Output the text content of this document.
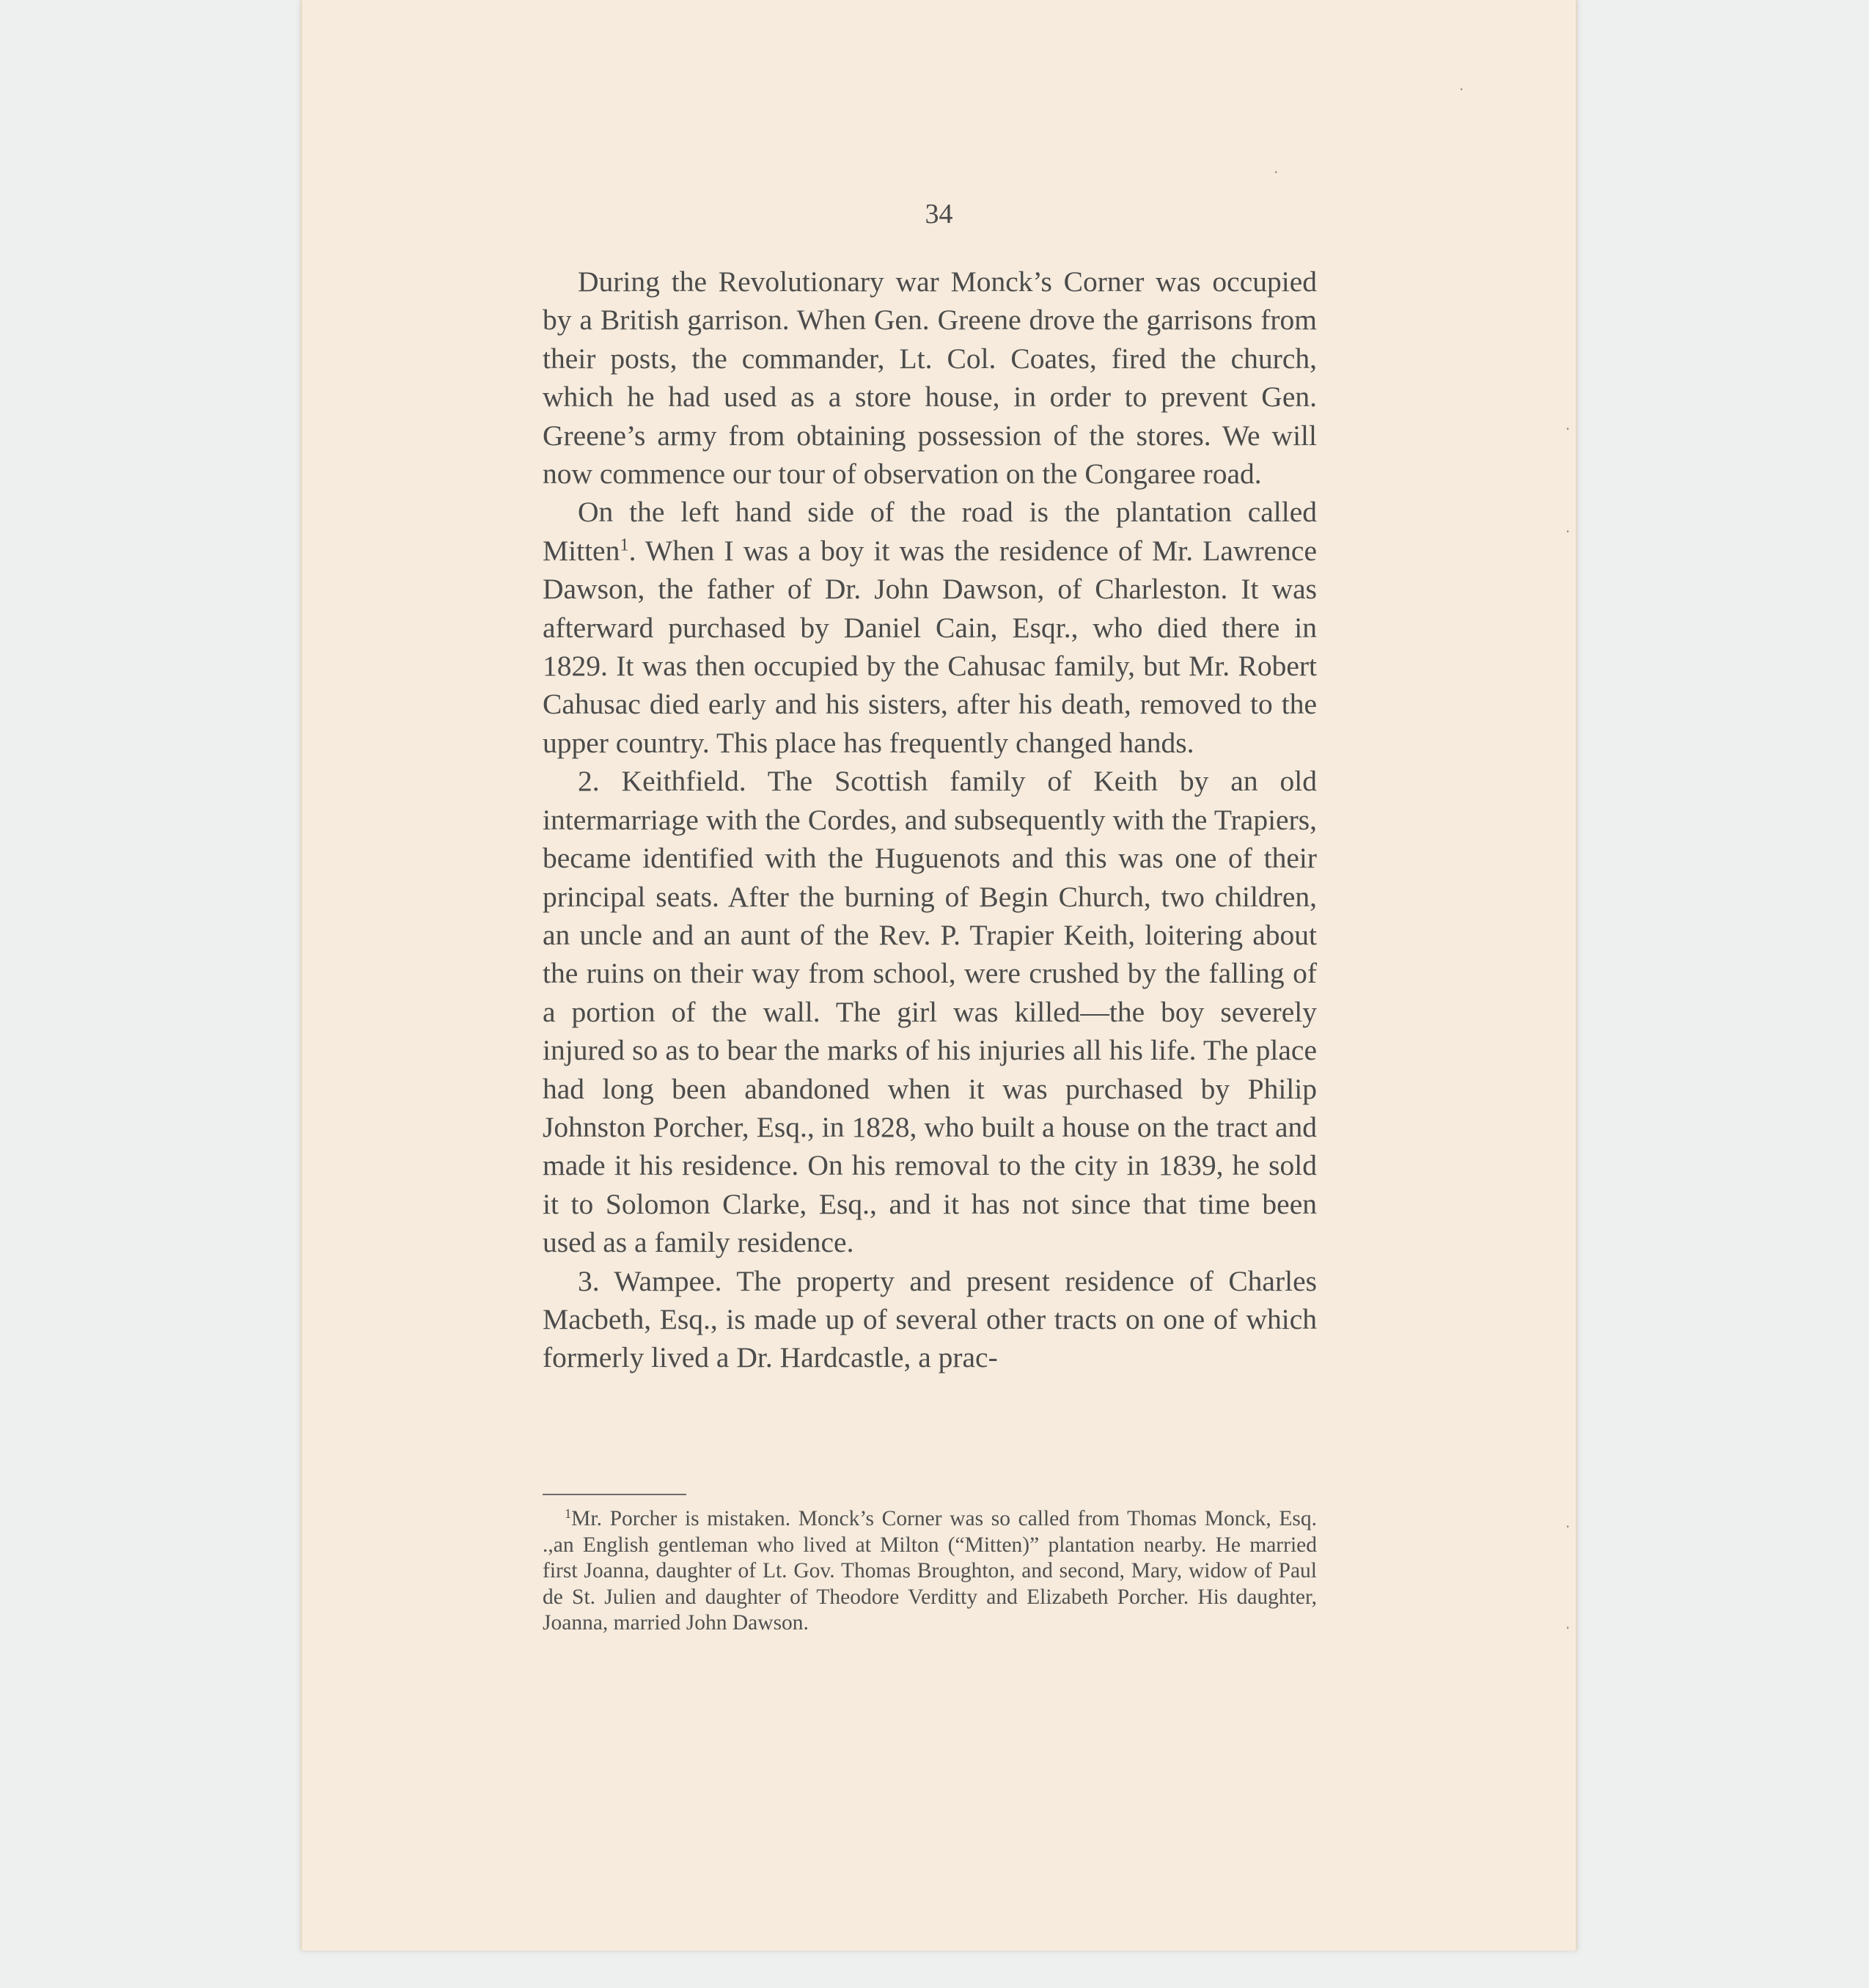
34

During the Revolutionary war Monck’s Corner was occupied by a British garrison. When Gen. Greene drove the garrisons from their posts, the commander, Lt. Col. Coates, fired the church, which he had used as a store house, in order to prevent Gen. Greene’s army from obtaining possession of the stores. We will now commence our tour of observation on the Congaree road.

On the left hand side of the road is the plantation called Mitten$^1$. When I was a boy it was the residence of Mr. Lawrence Dawson, the father of Dr. John Dawson, of Charleston. It was afterward purchased by Daniel Cain, Esqr., who died there in 1829. It was then occupied by the Cahusac family, but Mr. Robert Cahusac died early and his sisters, after his death, removed to the upper country. This place has frequently changed hands.

2. Keithfield. The Scottish family of Keith by an old intermarriage with the Cordes, and subsequently with the Trapiers, became identified with the Huguenots and this was one of their principal seats. After the burning of Begin Church, two children, an uncle and an aunt of the Rev. P. Trapier Keith, loitering about the ruins on their way from school, were crushed by the falling of a portion of the wall. The girl was killed—the boy severely injured so as to bear the marks of his injuries all his life. The place had long been abandoned when it was purchased by Philip Johnston Porcher, Esq., in 1828, who built a house on the tract and made it his residence. On his removal to the city in 1839, he sold it to Solomon Clarke, Esq., and it has not since that time been used as a family residence.

3. Wampee. The property and present residence of Charles Macbeth, Esq., is made up of several other tracts on one of which formerly lived a Dr. Hardcastle, a prac-

$^1$Mr. Porcher is mistaken. Monck’s Corner was so called from Thomas Monck, Esq. .,an English gentleman who lived at Milton (“Mitten)” plantation nearby. He married first Joanna, daughter of Lt. Gov. Thomas Broughton, and second, Mary, widow of Paul de St. Julien and daughter of Theodore Verditty and Elizabeth Porcher. His daughter, Joanna, married John Dawson.

·
·
·
·
·
·
